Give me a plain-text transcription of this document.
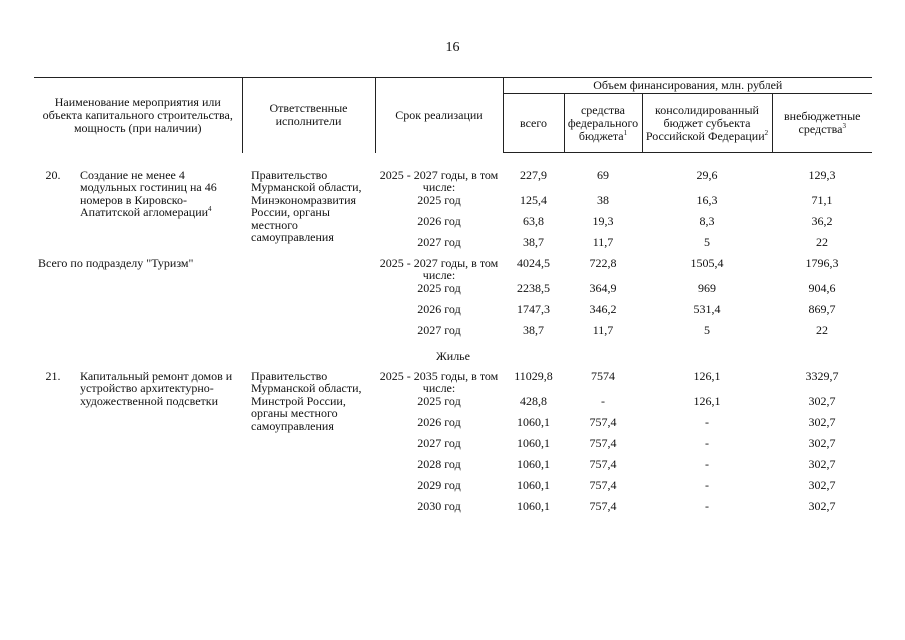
16
Наименование мероприятия или объекта капитального строительства, мощность (при наличии)	Ответственные исполнители	Срок реализации	Объем финансирования, млн. рублей			
			всего	средства федерального бюджета$^1$	консолидированный бюджет субъекта Российской Федерации$^2$	внебюджетные средства$^3$

20. Создание не менее 4 модульных гостиниц на 46 номеров в Кировско-Апатитской агломерации$^4$	Правительство Мурманской области, Минэкономразвития России, органы местного самоуправления	2025 - 2027 годы, в том числе:	227,9	69	29,6	129,3
		2025 год	125,4	38	16,3	71,1
		2026 год	63,8	19,3	8,3	36,2
		2027 год	38,7	11,7	5	22
Всего по подразделу "Туризм"		2025 - 2027 годы, в том числе:	4024,5	722,8	1505,4	1796,3
		2025 год	2238,5	364,9	969	904,6
		2026 год	1747,3	346,2	531,4	869,7
		2027 год	38,7	11,7	5	22
Жилье						

21. Капитальный ремонт домов и устройство архитектурно-художественной подсветки	Правительство Мурманской области, Минстрой России, органы местного самоуправления	2025 - 2035 годы, в том числе:	11029,8	7574	126,1	3329,7
		2025 год	428,8	-	126,1	302,7
		2026 год	1060,1	757,4	-	302,7
		2027 год	1060,1	757,4	-	302,7
		2028 год	1060,1	757,4	-	302,7
		2029 год	1060,1	757,4	-	302,7
		2030 год	1060,1	757,4	-	302,7
